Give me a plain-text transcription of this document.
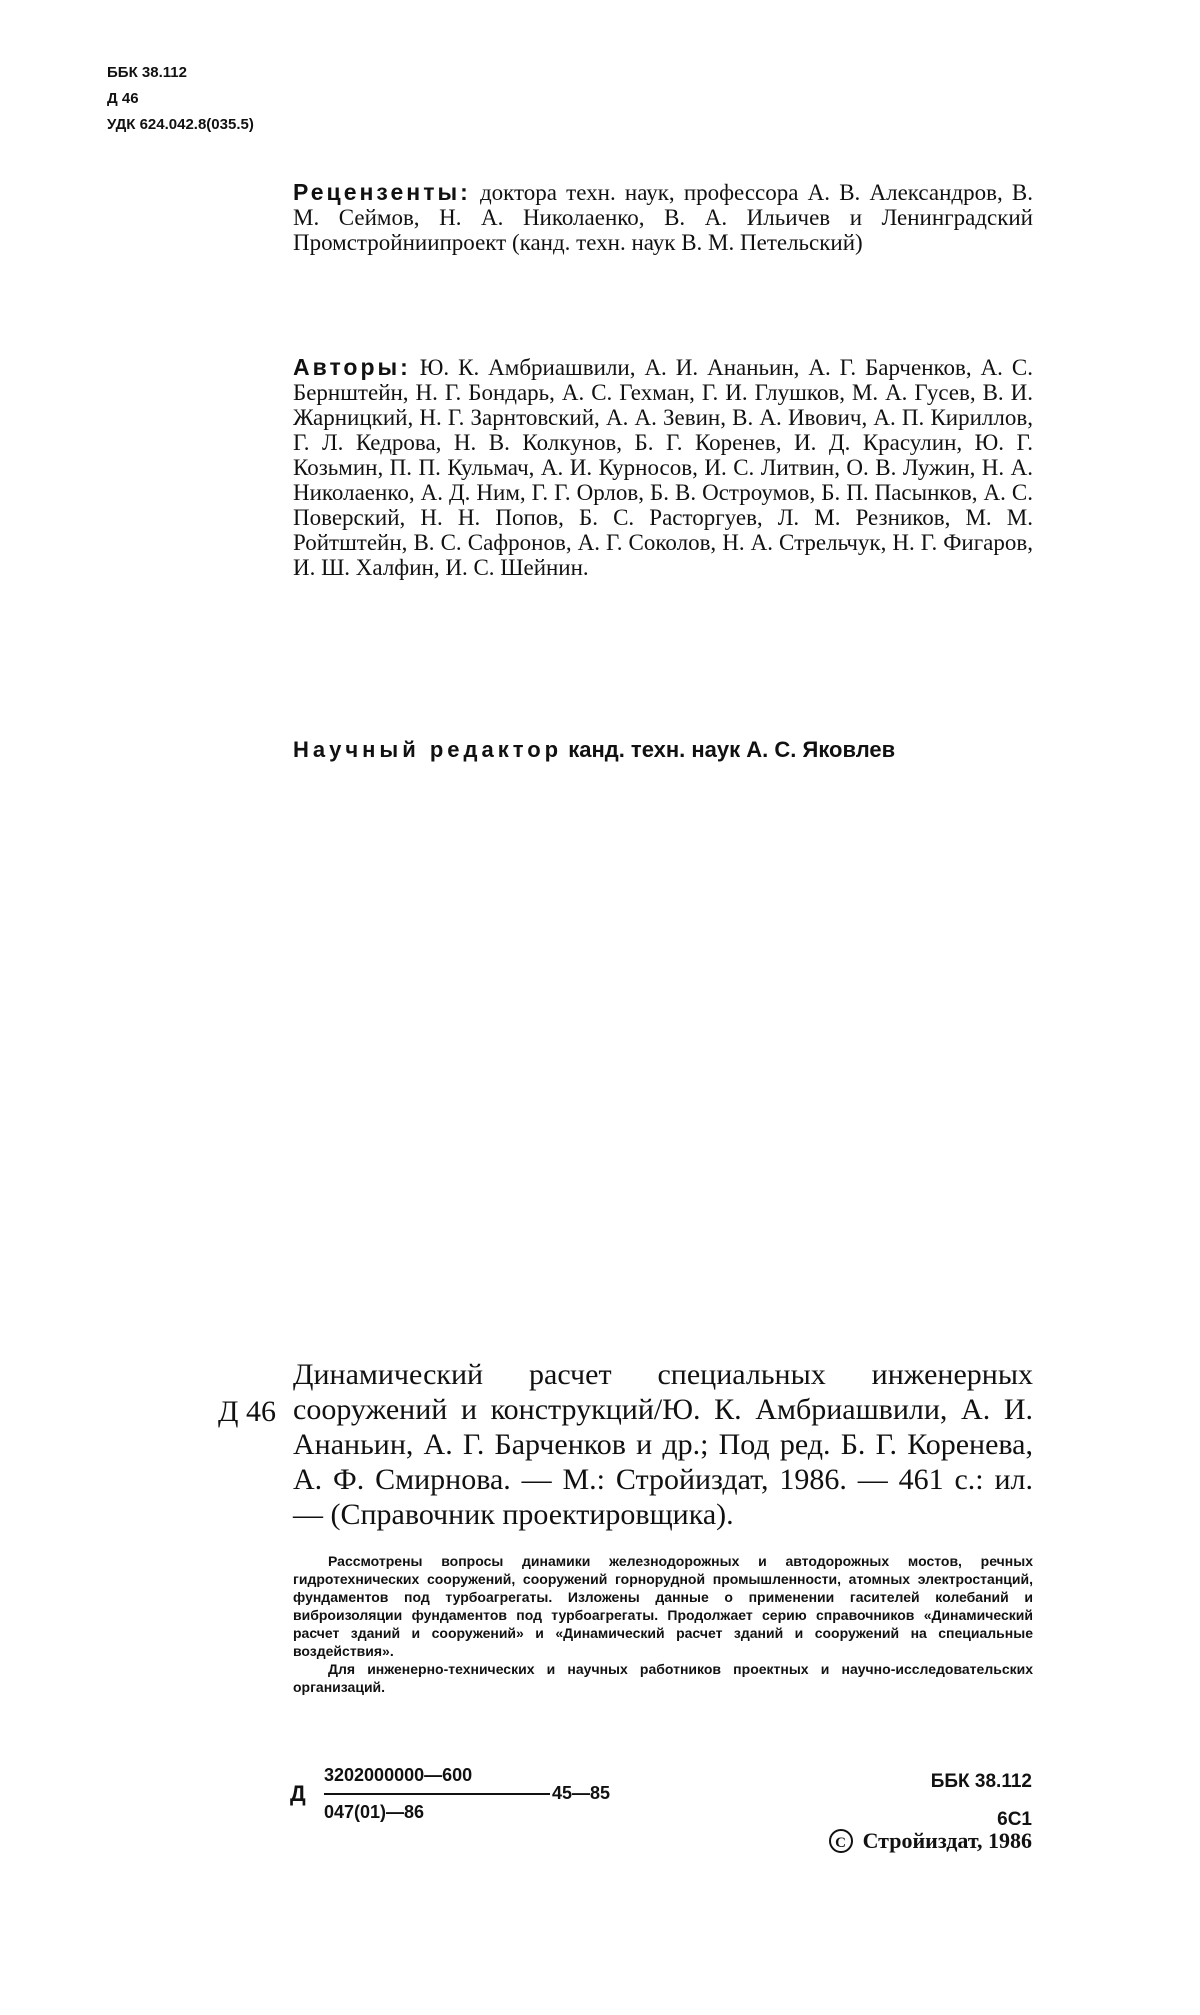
ББК 38.112
Д 46
УДК 624.042.8(035.5)
Рецензенты: доктора техн. наук, профессора А. В. Александров, В. М. Сеймов, Н. А. Николаенко, В. А. Ильичев и Ленинградский Промстройниипроект (канд. техн. наук В. М. Петельский)
Авторы: Ю. К. Амбриашвили, А. И. Ананьин, А. Г. Барченков, А. С. Бернштейн, Н. Г. Бондарь, А. С. Гехман, Г. И. Глушков, М. А. Гусев, В. И. Жарницкий, Н. Г. Зарнтовский, А. А. Зевин, В. А. Ивович, А. П. Кириллов, Г. Л. Кедрова, Н. В. Колкунов, Б. Г. Коренев, И. Д. Красулин, Ю. Г. Козьмин, П. П. Кульмач, А. И. Курносов, И. С. Литвин, О. В. Лужин, Н. А. Николаенко, А. Д. Ним, Г. Г. Орлов, Б. В. Остроумов, Б. П. Пасынков, А. С. Поверский, Н. Н. Попов, Б. С. Расторгуев, Л. М. Резников, М. М. Ройтштейн, В. С. Сафронов, А. Г. Соколов, Н. А. Стрельчук, Н. Г. Фигаров, И. Ш. Халфин, И. С. Шейнин.
Научный редактор канд. техн. наук А. С. Яковлев
Д 46

Динамический расчет специальных инженерных сооружений и конструкций/Ю. К. Амбриашвили, А. И. Ананьин, А. Г. Барченков и др.; Под ред. Б. Г. Коренева, А. Ф. Смирнова. — М.: Стройиздат, 1986. — 461 с.: ил. — (Справочник проектировщика).

Рассмотрены вопросы динамики железнодорожных и автодорожных мостов, речных гидротехнических сооружений, сооружений горнорудной промышленности, атомных электростанций, фундаментов под турбоагрегаты. Изложены данные о применении гасителей колебаний и виброизоляции фундаментов под турбоагрегаты. Продолжает серию справочников «Динамический расчет зданий и сооружений» и «Динамический расчет зданий и сооружений на специальные воздействия».

Для инженерно-технических и научных работников проектных и научно-исследовательских организаций.

Д
3202000000—600
047(01)—86
45—85
ББК 38.112
6С1
С Стройиздат, 1986
